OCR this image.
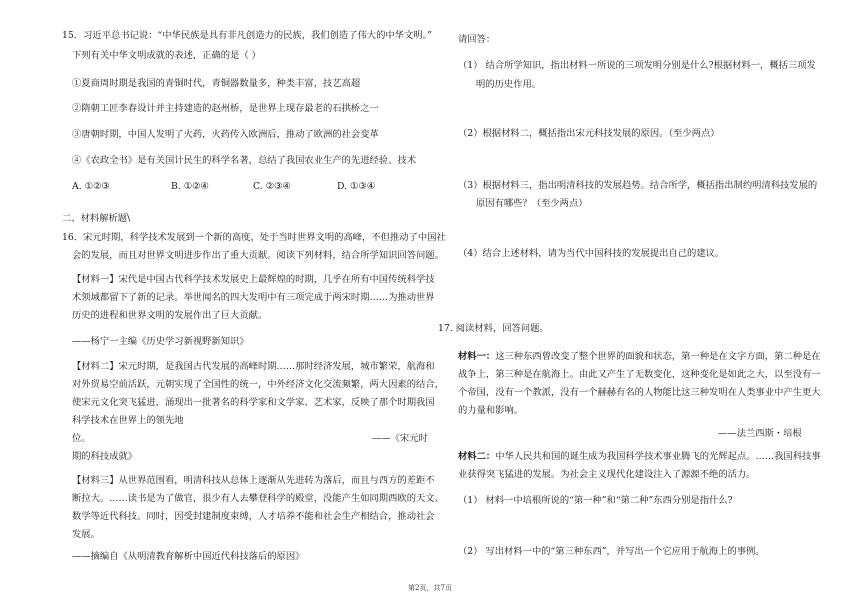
15．习近平总书记说：“中华民族是具有非凡创造力的民族，我们创造了伟大的中华文明。”
下列有关中华文明成就的表述，正确的是（ ）
①夏商周时期是我国的青铜时代，青铜器数量多，种类丰富，技艺高超
②隋朝工匠李春设计并主持建造的赵州桥，是世界上现存最老的石拱桥之一
③唐朝时期，中国人发明了火药，火药传入欧洲后，推动了欧洲的社会变革
④《农政全书》是有关国计民生的科学名著，总结了我国农业生产的先进经验、技术
A. ①②③	B. ①②④	C. ②③④	D. ①③④
二、材料解析题\
16．宋元时期，科学技术发展到一个新的高度，处于当时世界文明的高峰，不但推动了中国社
会的发展，而且对世界文明进步作出了重大贡献。阅读下列材料，结合所学知识回答问题。
【材料一】宋代是中国古代科学技术发展史上最辉煌的时期，几乎在所有中国传统科学技
术领域都留下了新的记录。举世闻名的四大发明中有三项完成于两宋时期……为推动世界
历史的进程和世界文明的发展作出了巨大贡献。
——杨宁一主编《历史学习新视野新知识》
【材料二】宋元时期，是我国古代发展的高峰时期……那时经济发展，城市繁荣，航海和
对外贸易空前活跃，元朝实现了全国性的统一，中外经济文化交流频繁，两大因素的结合，
使宋元文化突飞猛进，涌现出一批著名的科学家和文学家、艺术家，反映了那个时期我国
科学技术在世界上的领先地
位。	——《宋元时
期的科技成就》
【材料三】从世界范围看，明清科技从总体上逐渐从先进转为落后，而且与西方的差距不
断拉大。……读书是为了做官，很少有人去攀登科学的殿堂，没能产生如同期西欧的天文、
数学等近代科技。同时，因受封建制度束缚，人才培养不能和社会生产相结合，推动社会
发展。
——摘编自《从明清教育解析中国近代科技落后的原因》
请回答：
（1） 结合所学知识，指出材料一所说的三项发明分别是什么?根据材料一，概括三项发
明的历史作用。
（2）根据材料二，概括指出宋元科技发展的原因。（至少两点）
（3）根据材料三，指出明清科技的发展趋势。结合所学，概括指出制约明清科技发展的
原因有哪些？（至少两点）
（4）结合上述材料，请为当代中国科技的发展提出自己的建议。
17. 阅读材料，回答问题。
材料一：这三种东西曾改变了整个世界的面貌和状态，第一种是在文字方面，第二种是在
战争上，第三种是在航海上。由此又产生了无数变化，这种变化是如此之大，以至没有一
个帝国，没有一个教派，没有一个赫赫有名的人物能比这三种发明在人类事业中产生更大
的力量和影响。
——法兰西斯・培根
材料二：中华人民共和国的诞生成为我国科学技术事业腾飞的光辉起点。……我国科技事
业获得突飞猛进的发展。为社会主义现代化建设注入了源源不绝的活力。
（1） 材料一中培根所说的“第一种”和“第二种”东西分别是指什么?
（2） 写出材料一中的“第三种东西”，并写出一个它应用于航海上的事例。
第2页，共7页
